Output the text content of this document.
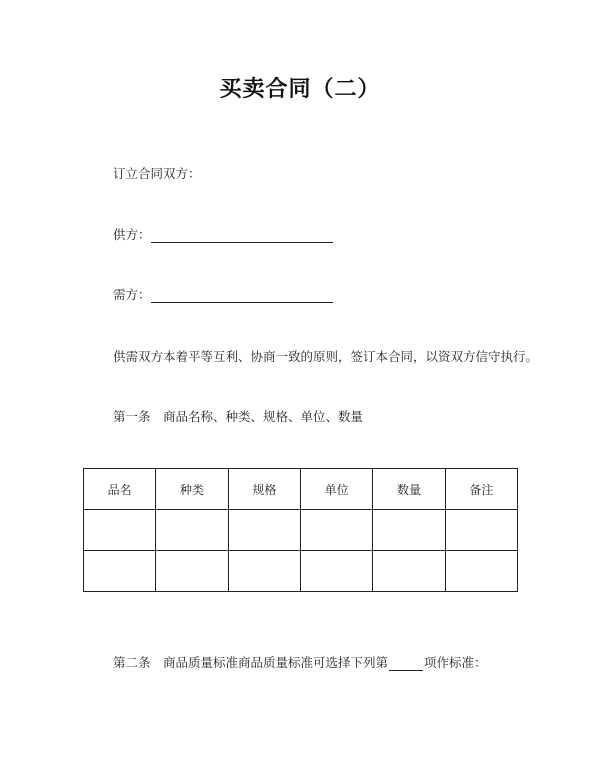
买卖合同（二）
订立合同双方：
供方：
需方：
供需双方本着平等互利、协商一致的原则，签订本合同，以资双方信守执行。
第一条　商品名称、种类、规格、单位、数量
品名	种类	规格	单位	数量	备注

第二条　商品质量标准商品质量标准可选择下列第	项作标准：
